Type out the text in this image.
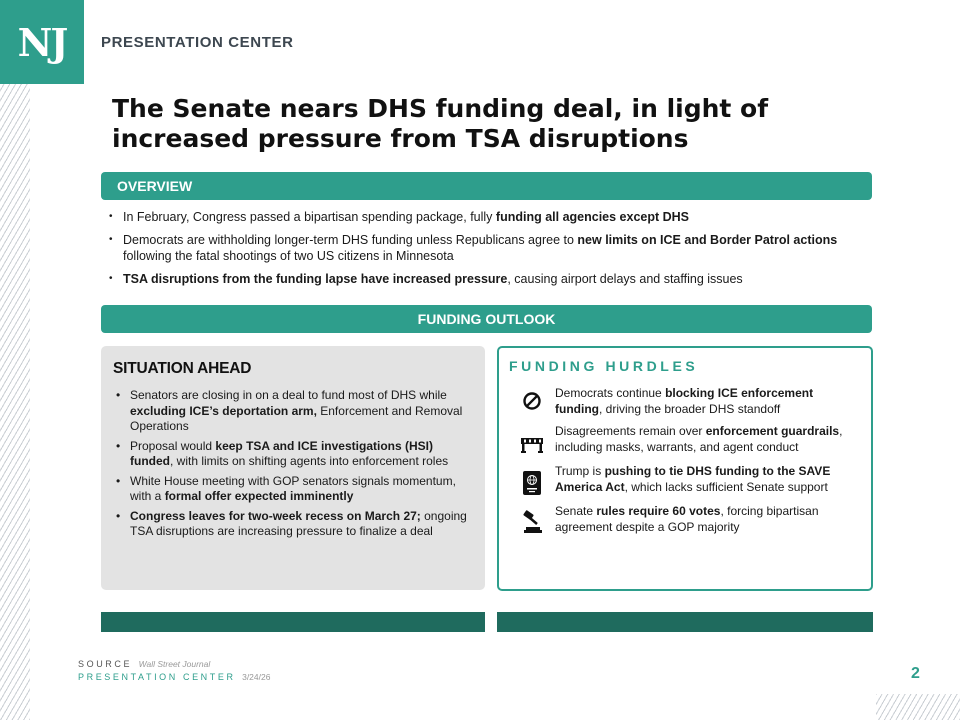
NJ PRESENTATION CENTER
The Senate nears DHS funding deal, in light of
increased pressure from TSA disruptions
OVERVIEW
• In February, Congress passed a bipartisan spending package, fully funding all agencies except DHS
• Democrats are withholding longer-term DHS funding unless Republicans agree to new limits on ICE and Border Patrol actions following the fatal shootings of two US citizens in Minnesota
• TSA disruptions from the funding lapse have increased pressure, causing airport delays and staffing issues
FUNDING OUTLOOK
SITUATION AHEAD
• Senators are closing in on a deal to fund most of DHS while excluding ICE’s deportation arm, Enforcement and Removal Operations
• Proposal would keep TSA and ICE investigations (HSI) funded, with limits on shifting agents into enforcement roles
• White House meeting with GOP senators signals momentum, with a formal offer expected imminently
• Congress leaves for two-week recess on March 27; ongoing TSA disruptions are increasing pressure to finalize a deal
FUNDING HURDLES
Democrats continue blocking ICE enforcement funding, driving the broader DHS standoff
Disagreements remain over enforcement guardrails, including masks, warrants, and agent conduct
Trump is pushing to tie DHS funding to the SAVE America Act, which lacks sufficient Senate support
Senate rules require 60 votes, forcing bipartisan agreement despite a GOP majority
SOURCE Wall Street Journal
PRESENTATION CENTER 3/24/26	2
